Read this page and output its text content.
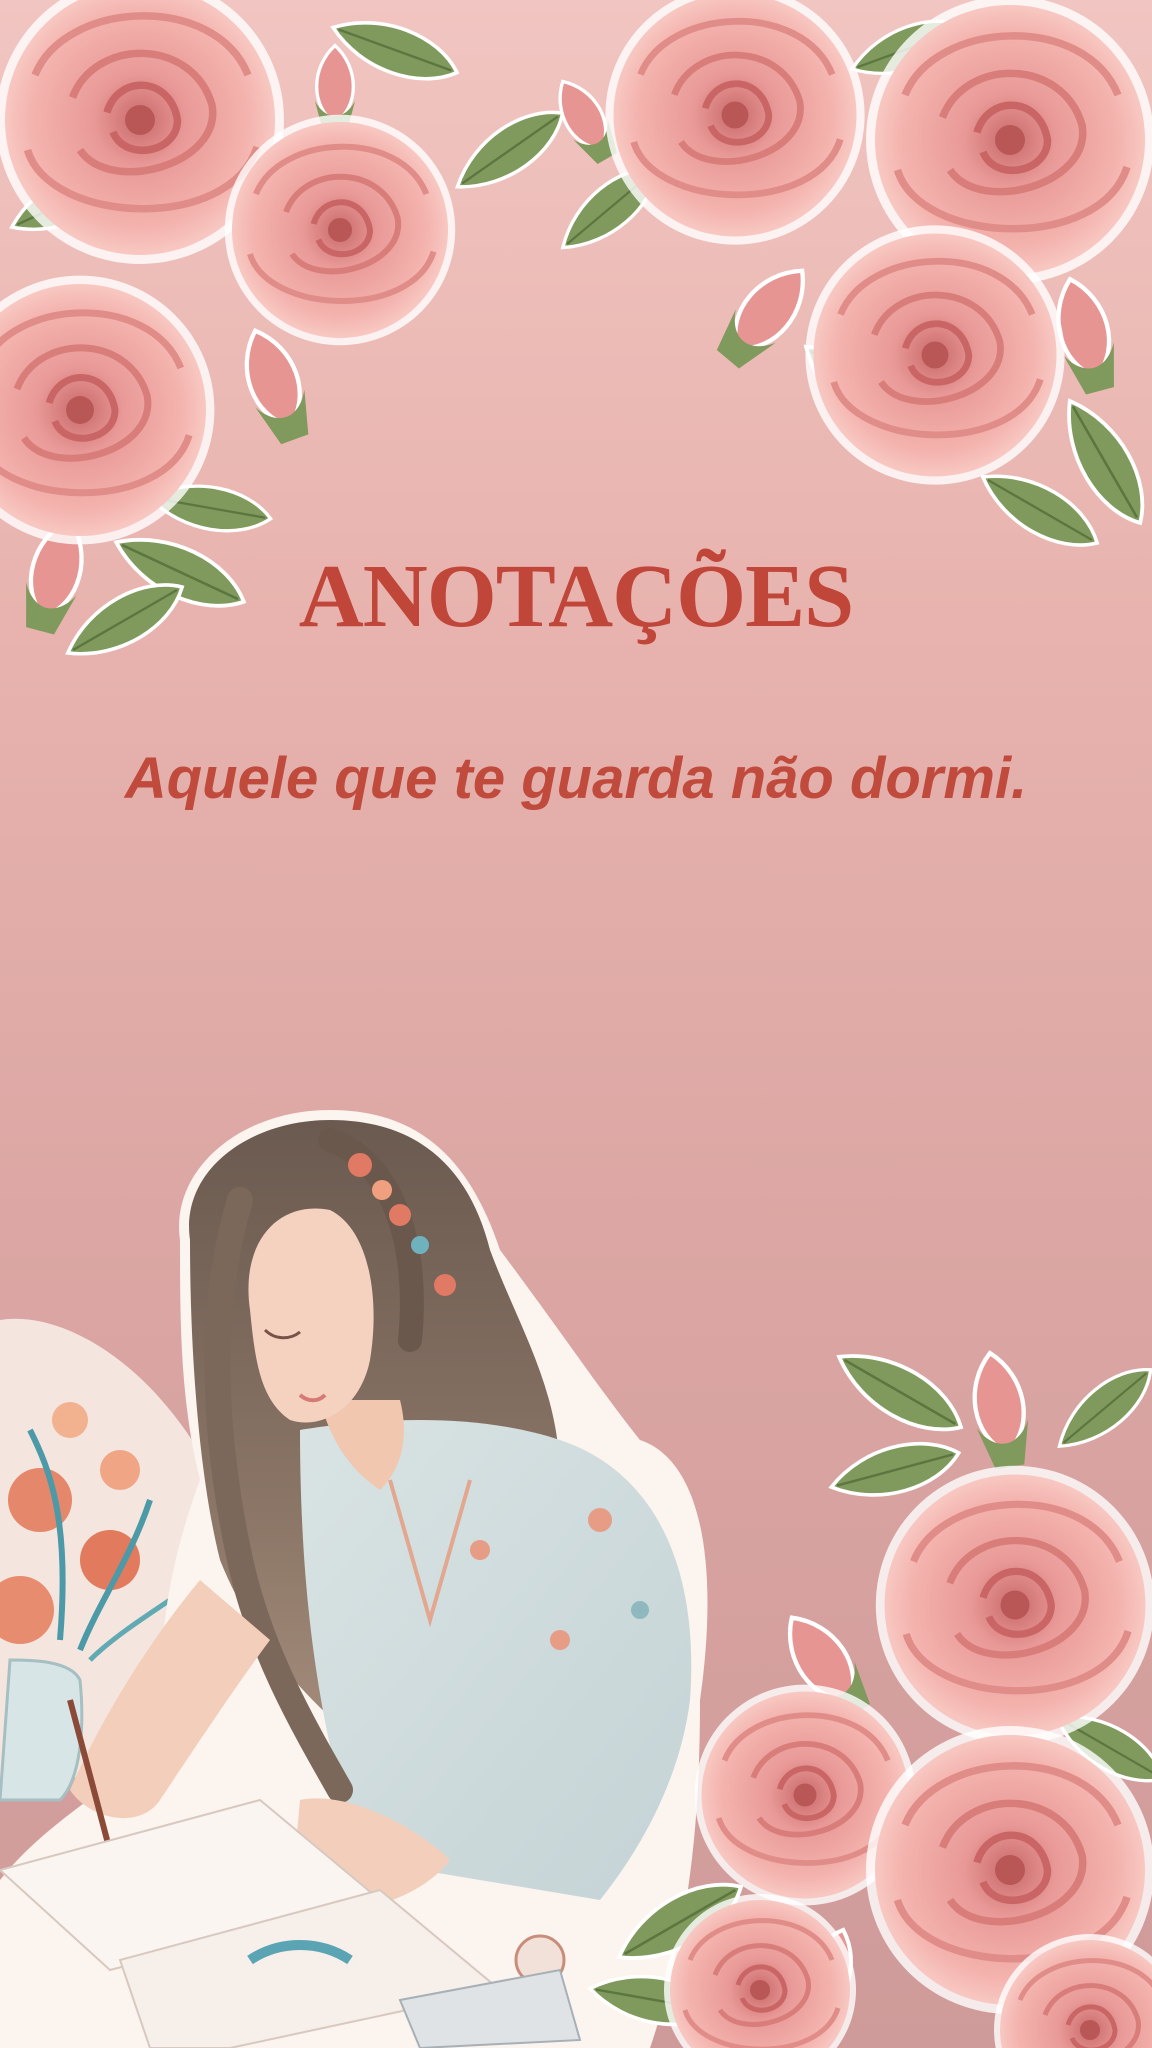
ANOTAÇÕES

Aquele que te guarda não dormi.
